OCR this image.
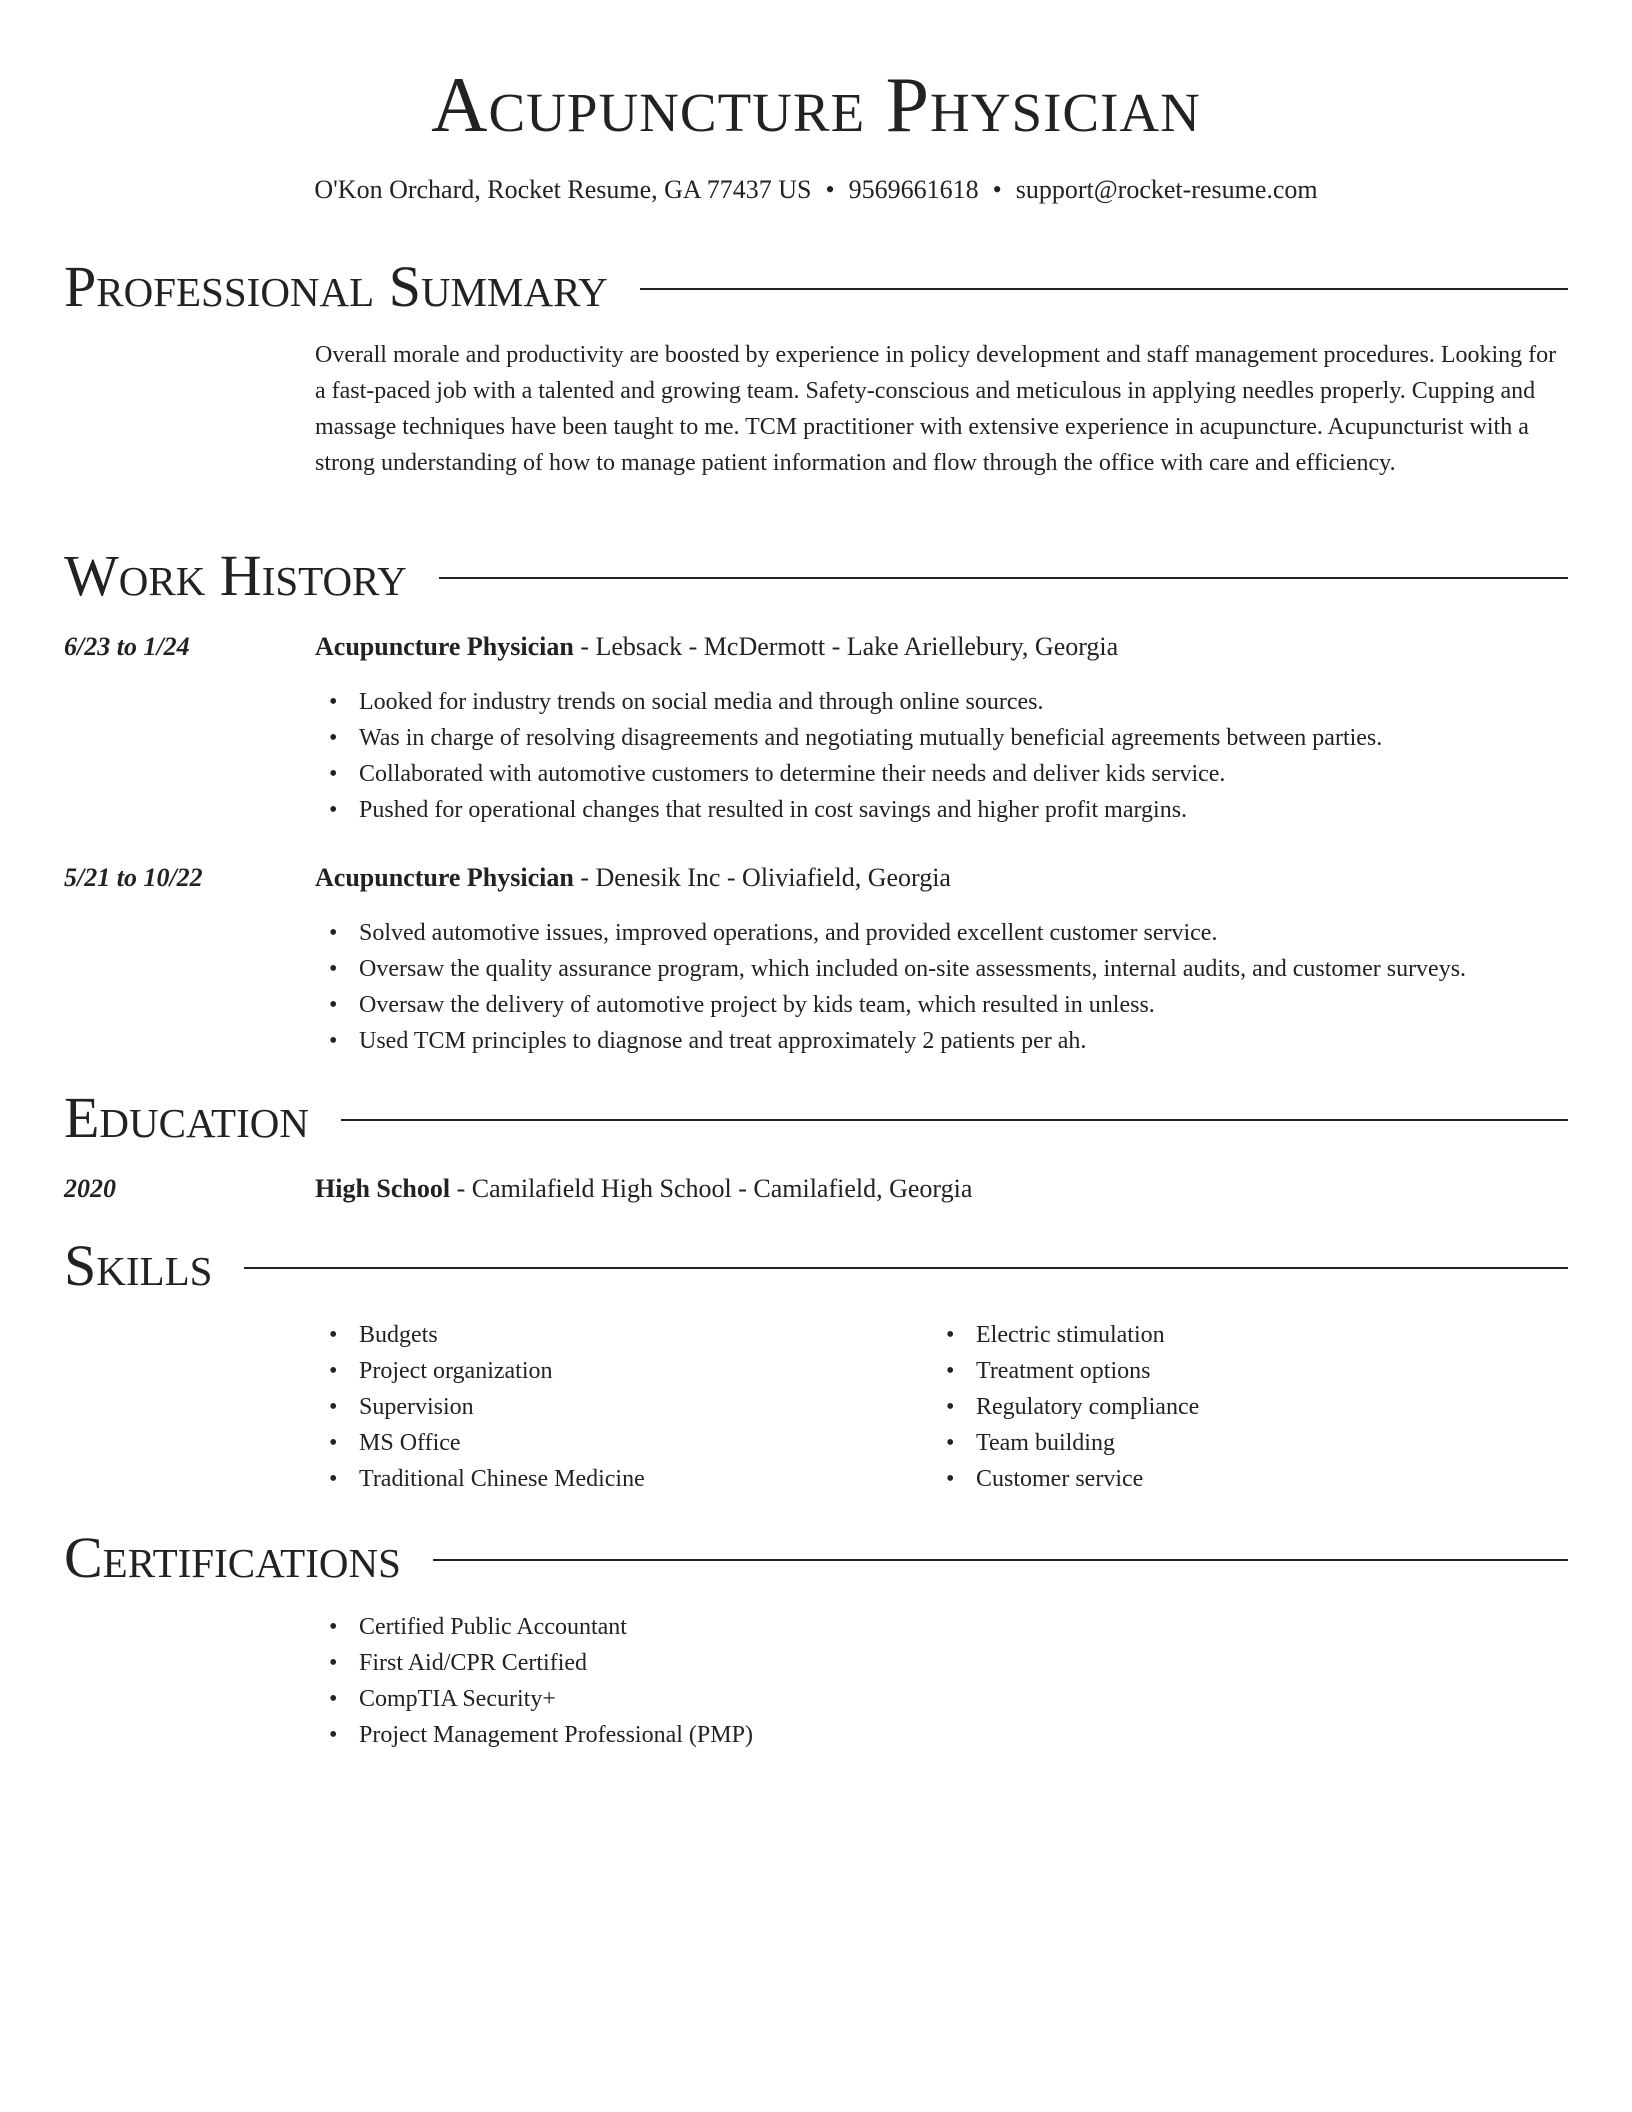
Acupuncture Physician
O'Kon Orchard, Rocket Resume, GA 77437 US • 9569661618 • support@rocket-resume.com
Professional Summary
Overall morale and productivity are boosted by experience in policy development and staff management procedures. Looking for a fast-paced job with a talented and growing team. Safety-conscious and meticulous in applying needles properly. Cupping and massage techniques have been taught to me. TCM practitioner with extensive experience in acupuncture. Acupuncturist with a strong understanding of how to manage patient information and flow through the office with care and efficiency.
Work History
6/23 to 1/24	Acupuncture Physician - Lebsack - McDermott - Lake Ariellebury, Georgia
• Looked for industry trends on social media and through online sources.
• Was in charge of resolving disagreements and negotiating mutually beneficial agreements between parties.
• Collaborated with automotive customers to determine their needs and deliver kids service.
• Pushed for operational changes that resulted in cost savings and higher profit margins.
5/21 to 10/22	Acupuncture Physician - Denesik Inc - Oliviafield, Georgia
• Solved automotive issues, improved operations, and provided excellent customer service.
• Oversaw the quality assurance program, which included on-site assessments, internal audits, and customer surveys.
• Oversaw the delivery of automotive project by kids team, which resulted in unless.
• Used TCM principles to diagnose and treat approximately 2 patients per ah.
Education
2020	High School - Camilafield High School - Camilafield, Georgia
Skills
• Budgets
• Project organization
• Supervision
• MS Office
• Traditional Chinese Medicine
• Electric stimulation
• Treatment options
• Regulatory compliance
• Team building
• Customer service
Certifications
• Certified Public Accountant
• First Aid/CPR Certified
• CompTIA Security+
• Project Management Professional (PMP)
